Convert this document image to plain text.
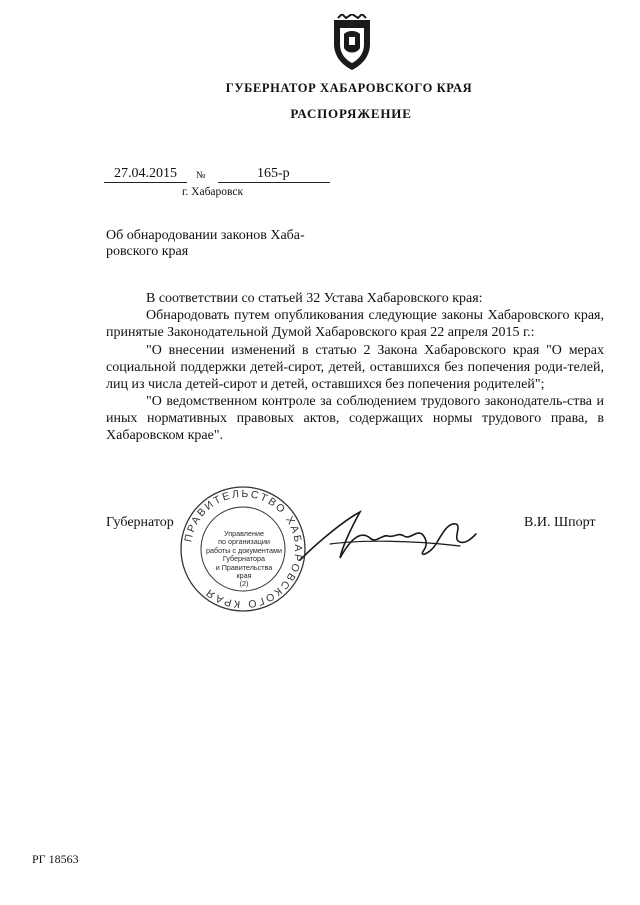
ГУБЕРНАТОР ХАБАРОВСКОГО КРАЯ
РАСПОРЯЖЕНИЕ
27.04.2015 №	165-р
г. Хабаровск
Об обнародовании законов Хаба-
ровского края
В соответствии со статьей 32 Устава Хабаровского края:
Обнародовать путем опубликования следующие законы Хабаровского края, принятые Законодательной Думой Хабаровского края 22 апреля 2015 г.:
"О внесении изменений в статью 2 Закона Хабаровского края "О мерах социальной поддержки детей-сирот, детей, оставшихся без попечения роди-телей, лиц из числа детей-сирот и детей, оставшихся без попечения родителей";
"О ведомственном контроле за соблюдением трудового законодатель-ства и иных нормативных правовых актов, содержащих нормы трудового права, в Хабаровском крае".
ПРАВИТЕЛЬСТВО ХАБАРОВСКОГО КРАЯ
Управление
по организации
работы с документами
Губернатора
и Правительства
края
(2)
Губернатор	В.И. Шпорт
РГ 18563
